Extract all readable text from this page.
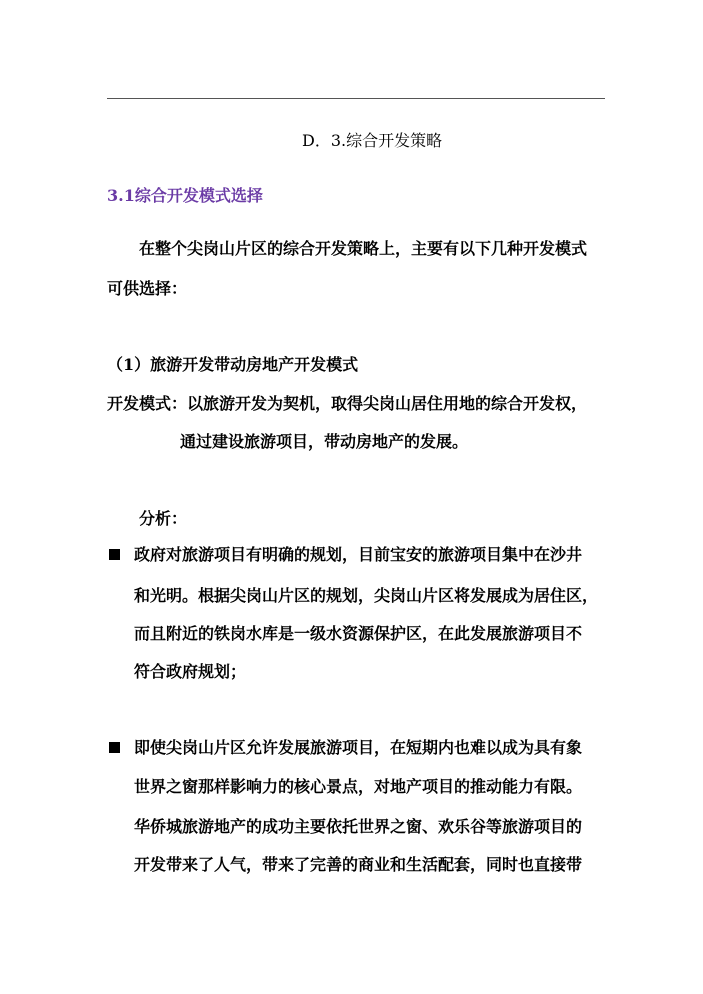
D．3.综合开发策略
3.1综合开发模式选择
在整个尖岗山片区的综合开发策略上，主要有以下几种开发模式
可供选择：
（1）旅游开发带动房地产开发模式
开发模式：以旅游开发为契机，取得尖岗山居住用地的综合开发权，
通过建设旅游项目，带动房地产的发展。
分析：
政府对旅游项目有明确的规划，目前宝安的旅游项目集中在沙井
和光明。根据尖岗山片区的规划，尖岗山片区将发展成为居住区，
而且附近的铁岗水库是一级水资源保护区，在此发展旅游项目不
符合政府规划；
即使尖岗山片区允许发展旅游项目，在短期内也难以成为具有象
世界之窗那样影响力的核心景点，对地产项目的推动能力有限。
华侨城旅游地产的成功主要依托世界之窗、欢乐谷等旅游项目的
开发带来了人气，带来了完善的商业和生活配套，同时也直接带
